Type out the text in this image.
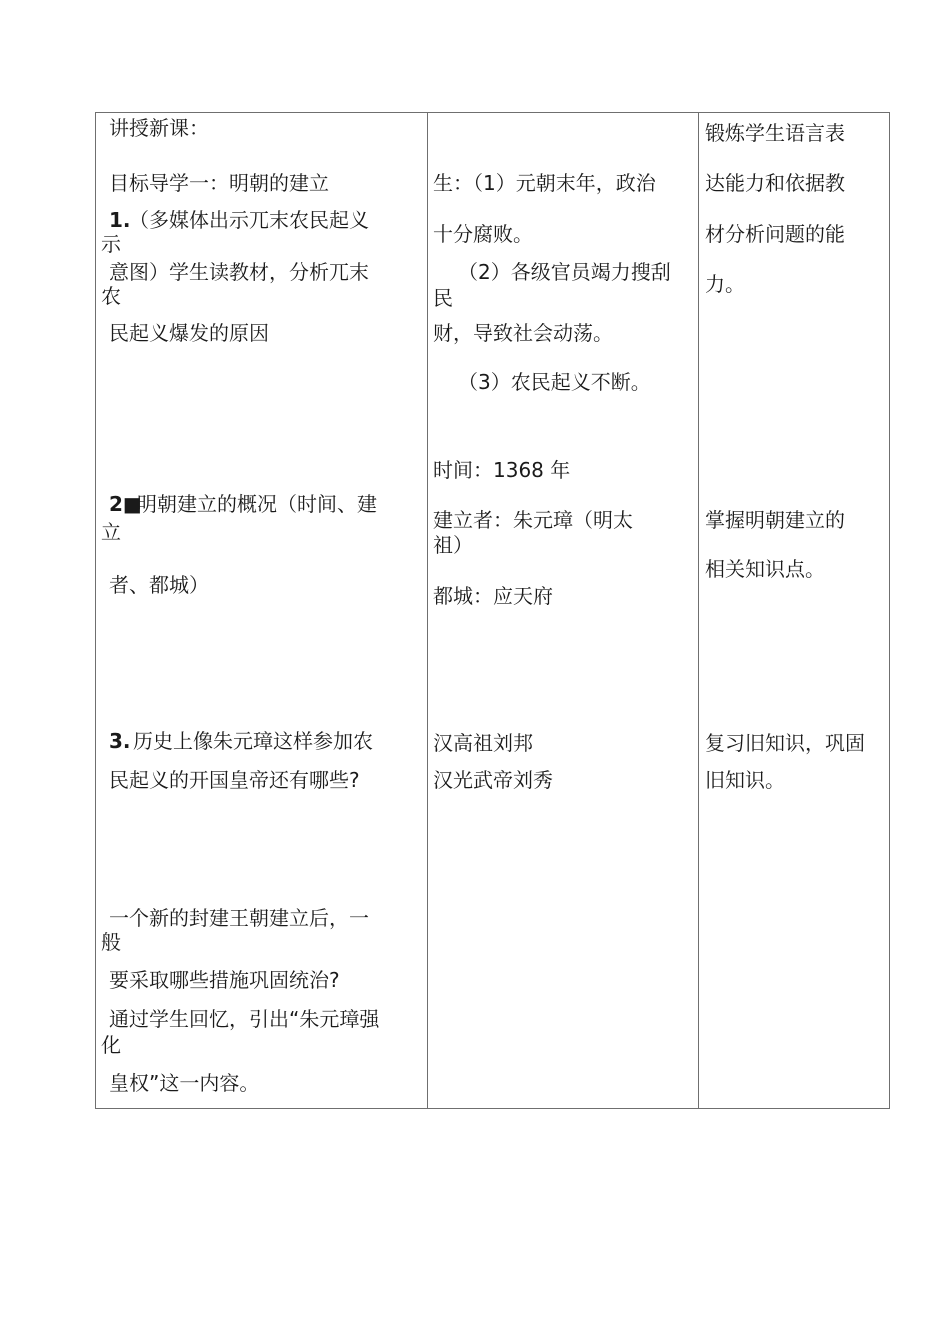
讲授新课：
目标导学一：明朝的建立
1.
（多媒体出示兀末农民起义
示
意图）学生读教材，分析兀末
农
民起义爆发的原因
2■
明朝建立的概况（时间、建
立
者、都城）
3. 历史上像朱元璋这样参加农
民起义的开国皇帝还有哪些?
一个新的封建王朝建立后，一
般
要采取哪些措施巩固统治?
通过学生回忆，引出“朱元璋强
化
皇权”这一内容。
生：（1）元朝末年，政治
十分腐败。
（2）各级官员竭力搜刮
民
财，导致社会动荡。
（3）农民起义不断。
时间：1368 年
建立者：朱元璋（明太
祖）
都城：应天府
汉高祖刘邦
汉光武帝刘秀
锻炼学生语言表
达能力和依据教
材分析问题的能
力。
掌握明朝建立的
相关知识点。
复习旧知识，巩固
旧知识。
